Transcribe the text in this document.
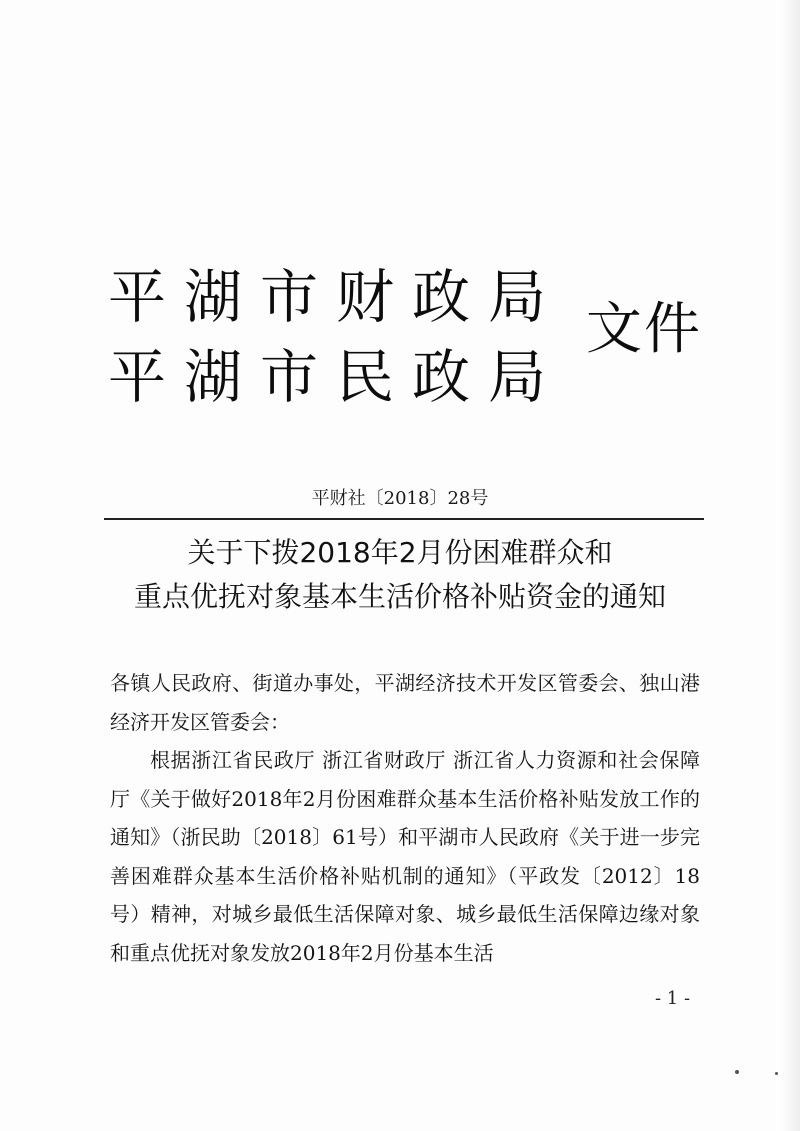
平湖市财政局
平湖市民政局
文件
平财社〔2018〕28号
关于下拨2018年2月份困难群众和
重点优抚对象基本生活价格补贴资金的通知

各镇人民政府、街道办事处，平湖经济技术开发区管委会、独山港经济开发区管委会：

根据浙江省民政厅 浙江省财政厅 浙江省人力资源和社会保障厅《关于做好2018年2月份困难群众基本生活价格补贴发放工作的通知》（浙民助〔2018〕61号）和平湖市人民政府《关于进一步完善困难群众基本生活价格补贴机制的通知》（平政发〔2012〕18号）精神，对城乡最低生活保障对象、城乡最低生活保障边缘对象和重点优抚对象发放2018年2月份基本生活

- 1 -
